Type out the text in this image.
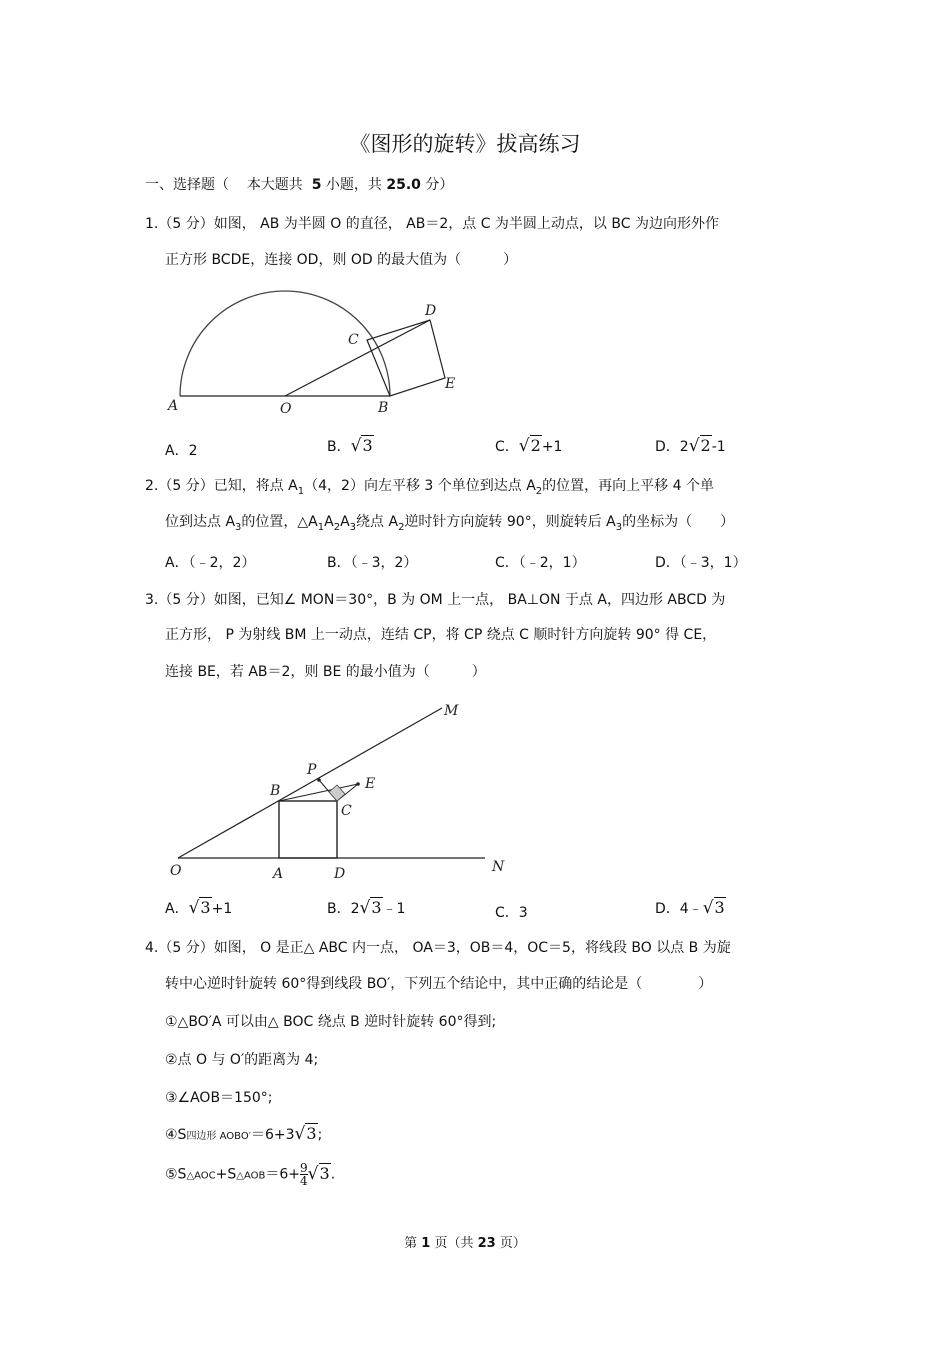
《图形的旋转》拔高练习
一、选择题（ 本大题共 5 小题，共 25.0 分）
1.（5 分）如图， AB 为半圆 O 的直径， AB＝2，点 C 为半圆上动点，以 BC 为边向形外作
正方形 BCDE，连接 OD，则 OD 的最大值为（　　　）
A	O	B
C
D
E
A．2	B．√3	C．√2+1	D．2√2-1
2.（5 分）已知，将点 $A_1(4$，2）向左平移 3 个单位到达点 $A_2$的位置，再向上平移 4 个单
位到达点 $A_3$的位置，$\triangle A_1A_2A_3$绕点 $A_2$逆时针方向旋转 90°，则旋转后 $A_3$的坐标为（　　）
A．（﹣2，2）	B．（﹣3，2）	C．（﹣2，1）	D．（﹣3，1）
3.（5 分）如图，已知∠ MON＝30°，B 为 OM 上一点， BA⊥ON 于点 A，四边形 ABCD 为
正方形， P 为射线 BM 上一动点，连结 CP，将 CP 绕点 C 顺时针方向旋转 90° 得 CE，
连接 BE，若 AB＝2，则 BE 的最小值为（　　　）
M
P
E
B
C
O	A	D	N
A．√3+1	B．2√3﹣1	C．3	D．4﹣√3
4.（5 分）如图， O 是正△ ABC 内一点， OA＝3，OB＝4，OC＝5，将线段 BO 以点 B 为旋
转中心逆时针旋转 60°得到线段 BO′，下列五个结论中，其中正确的结论是（　　　　）
①△BO′A 可以由△ BOC 绕点 B 逆时针旋转 60°得到;
②点 O 与 O′的距离为 4;
③∠AOB＝150°;
④S四边形 AOBO′＝6+3√3;
⑤S△AOC+S△AOB＝6+ $\frac{9}{4} √3$.
第 1 页（共 23 页）
